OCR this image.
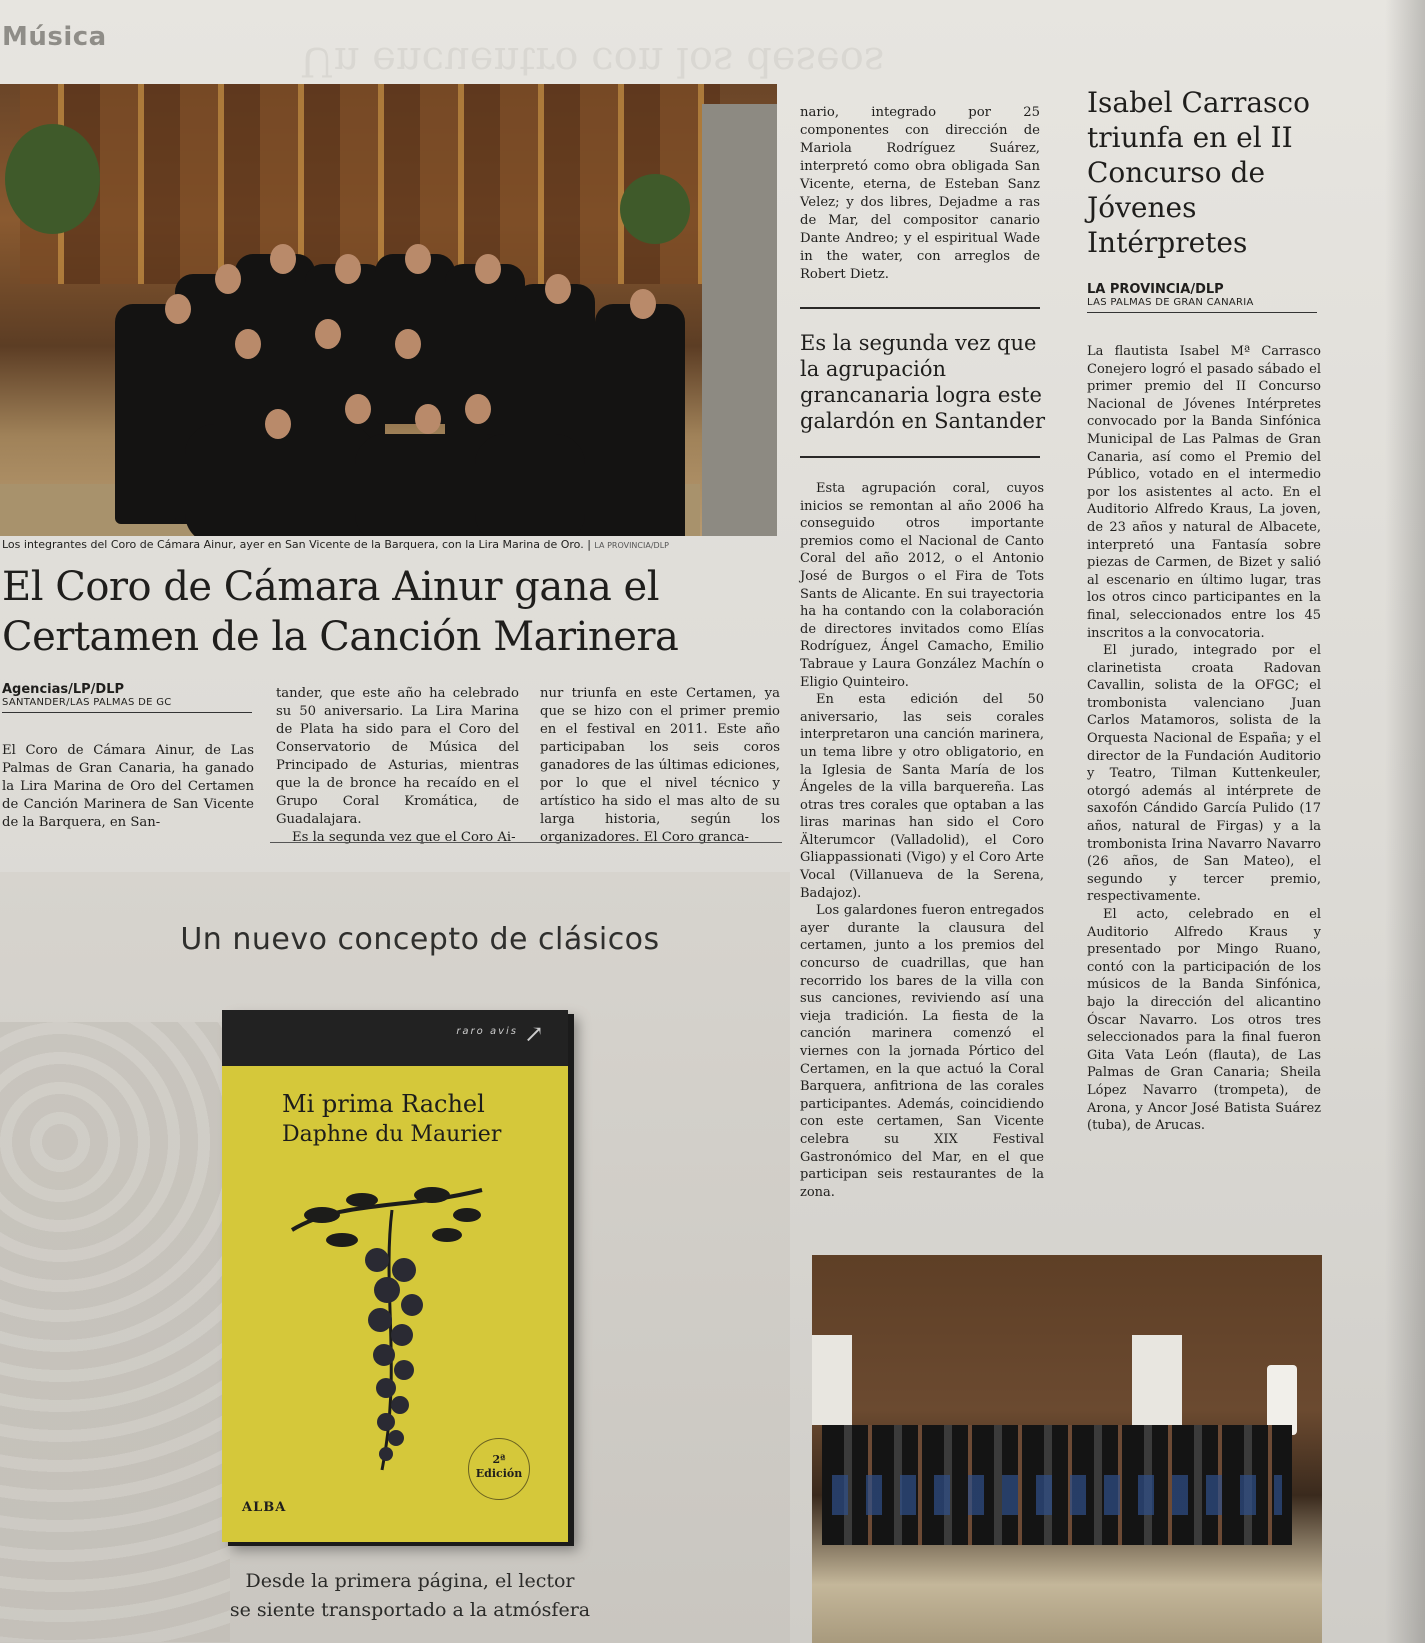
Música
Un encuentro con los deseos
Los integrantes del Coro de Cámara Ainur, ayer en San Vicente de la Barquera, con la Lira Marina de Oro. | LA PROVINCIA/DLP
El Coro de Cámara Ainur gana el Certamen de la Canción Marinera
Agencias/LP/DLP
SANTANDER/LAS PALMAS DE GC

El Coro de Cámara Ainur, de Las Palmas de Gran Canaria, ha ganado la Lira Marina de Oro del Certamen de Canción Marinera de San Vicente de la Barquera, en San-

tander, que este año ha celebrado su 50 aniversario. La Lira Marina de Plata ha sido para el Coro del Conservatorio de Música del Principado de Asturias, mientras que la de bronce ha recaído en el Grupo Coral Kromática, de Guadalajara.

Es la segunda vez que el Coro Ai-

nur triunfa en este Certamen, ya que se hizo con el primer premio en el festival en 2011. Este año participaban los seis coros ganadores de las últimas ediciones, por lo que el nivel técnico y artístico ha sido el mas alto de su larga historia, según los organizadores. El Coro granca-

nario, integrado por 25 componentes con dirección de Mariola Rodríguez Suárez, interpretó como obra obligada San Vicente, eterna, de Esteban Sanz Velez; y dos libres, Dejadme a ras de Mar, del compositor canario Dante Andreo; y el espiritual Wade in the water, con arreglos de Robert Dietz.

Es la segunda vez que la agrupación grancanaria logra este galardón en Santander

Esta agrupación coral, cuyos inicios se remontan al año 2006 ha conseguido otros importante premios como el Nacional de Canto Coral del año 2012, o el Antonio José de Burgos o el Fira de Tots Sants de Alicante. En sui trayectoria ha ha contando con la colaboración de directores invitados como Elías Rodríguez, Ángel Camacho, Emilio Tabraue y Laura González Machín o Eligio Quinteiro.

En esta edición del 50 aniversario, las seis corales interpretaron una canción marinera, un tema libre y otro obligatorio, en la Iglesia de Santa María de los Ángeles de la villa barquereña. Las otras tres corales que optaban a las liras marinas han sido el Coro Älterumcor (Valladolid), el Coro Gliappassionati (Vigo) y el Coro Arte Vocal (Villanueva de la Serena, Badajoz).

Los galardones fueron entregados ayer durante la clausura del certamen, junto a los premios del concurso de cuadrillas, que han recorrido los bares de la villa con sus canciones, reviviendo así una vieja tradición. La fiesta de la canción marinera comenzó el viernes con la jornada Pórtico del Certamen, en la que actuó la Coral Barquera, anfitriona de las corales participantes. Además, coincidiendo con este certamen, San Vicente celebra su XIX Festival Gastronómico del Mar, en el que participan seis restaurantes de la zona.

Isabel Carrasco triunfa en el II Concurso de Jóvenes Intérpretes
LA PROVINCIA/DLP
LAS PALMAS DE GRAN CANARIA

La flautista Isabel Mª Carrasco Conejero logró el pasado sábado el primer premio del II Concurso Nacional de Jóvenes Intérpretes convocado por la Banda Sinfónica Municipal de Las Palmas de Gran Canaria, así como el Premio del Público, votado en el intermedio por los asistentes al acto. En el Auditorio Alfredo Kraus, La joven, de 23 años y natural de Albacete, interpretó una Fantasía sobre piezas de Carmen, de Bizet y salió al escenario en último lugar, tras los otros cinco participantes en la final, seleccionados entre los 45 inscritos a la convocatoria.

El jurado, integrado por el clarinetista croata Radovan Cavallin, solista de la OFGC; el trombonista valenciano Juan Carlos Matamoros, solista de la Orquesta Nacional de España; y el director de la Fundación Auditorio y Teatro, Tilman Kuttenkeuler, otorgó además al intérprete de saxofón Cándido García Pulido (17 años, natural de Firgas) y a la trombonista Irina Navarro Navarro (26 años, de San Mateo), el segundo y tercer premio, respectivamente.

El acto, celebrado en el Auditorio Alfredo Kraus y presentado por Mingo Ruano, contó con la participación de los músicos de la Banda Sinfónica, bajo la dirección del alicantino Óscar Navarro. Los otros tres seleccionados para la final fueron Gita Vata León (flauta), de Las Palmas de Gran Canaria; Sheila López Navarro (trompeta), de Arona, y Ancor José Batista Suárez (tuba), de Arucas.

Un nuevo concepto de clásicos
raro avis ↗
Mi prima Rachel
Daphne du Maurier
2ª Edición
ALBA
Desde la primera página, el lector
se siente transportado a la atmósfera
